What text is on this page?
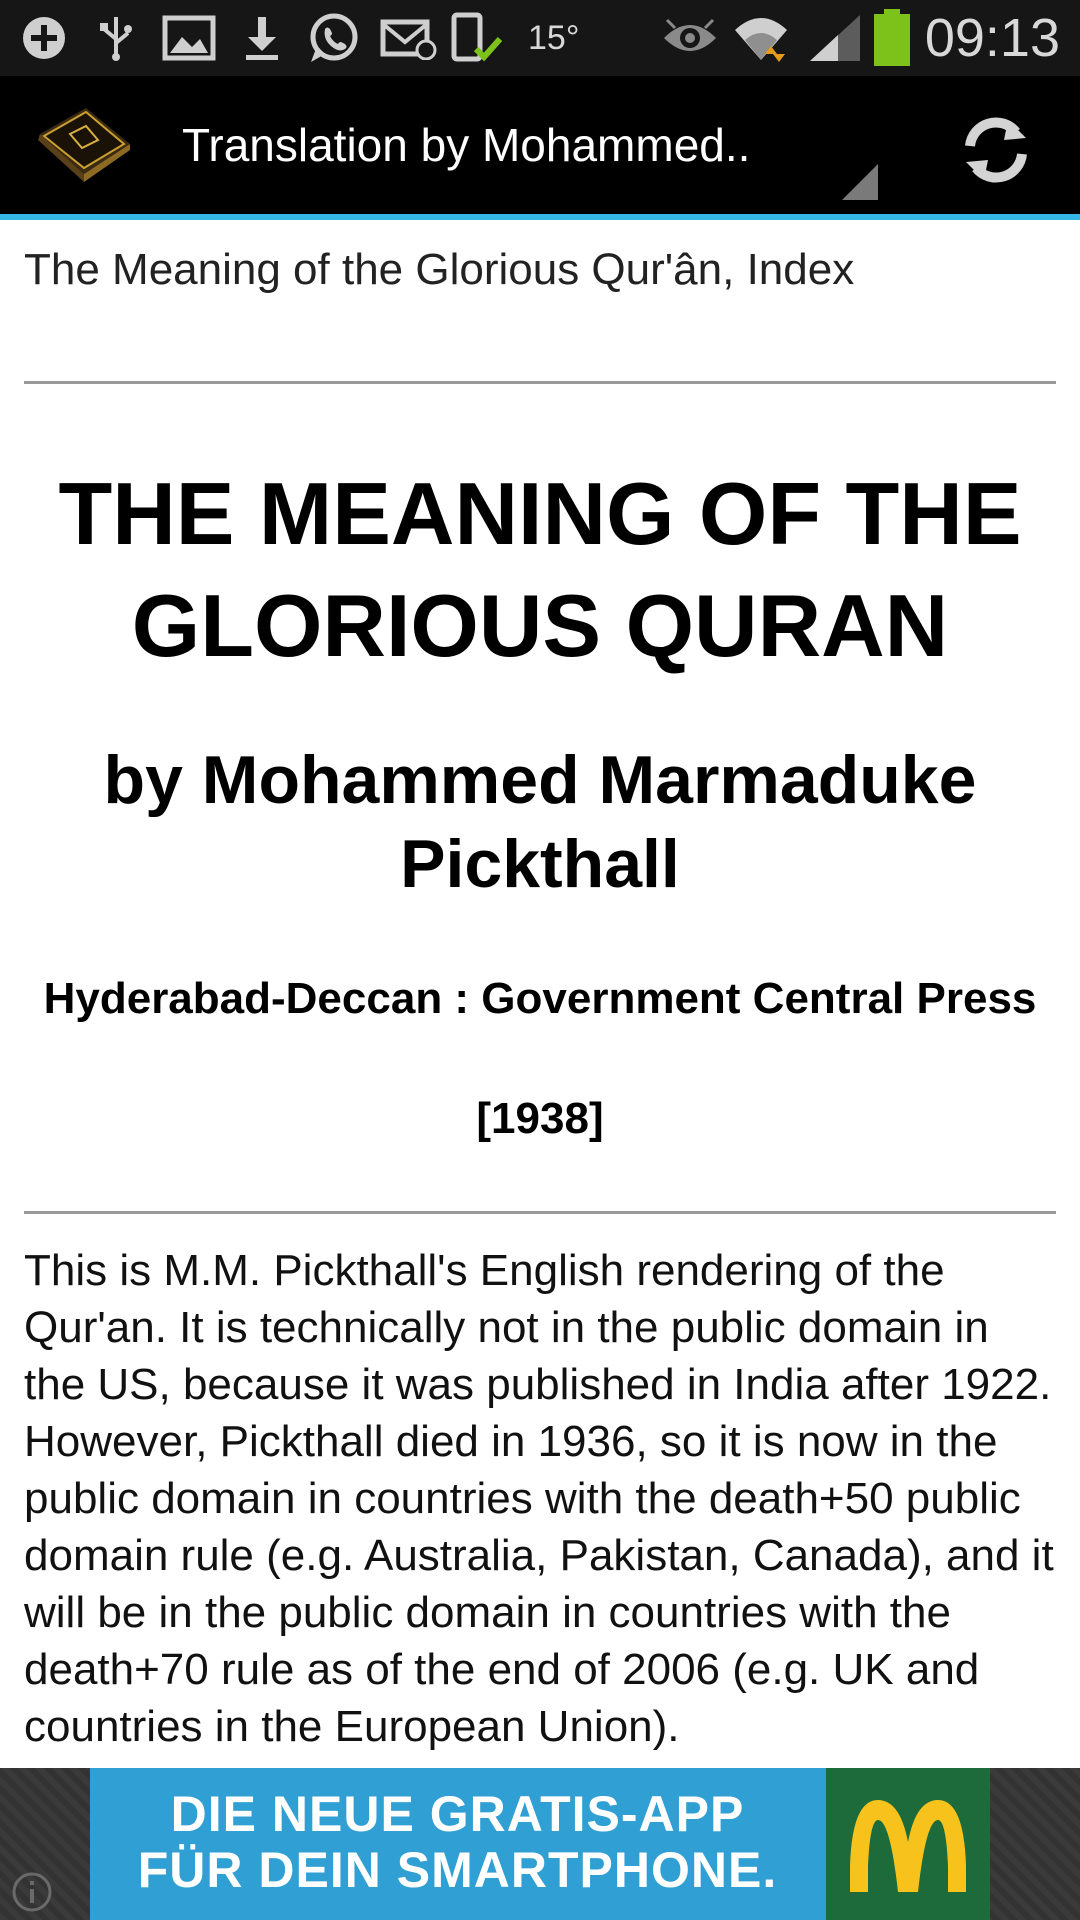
15°	09:13
Translation by Mohammed..
The Meaning of the Glorious Qur'ân, Index
THE MEANING OF THE GLORIOUS QURAN
by Mohammed Marmaduke Pickthall
Hyderabad-Deccan : Government Central Press
[1938]
This is M.M. Pickthall's English rendering of the Qur'an. It is technically not in the public domain in the US, because it was published in India after 1922. However, Pickthall died in 1936, so it is now in the public domain in countries with the death+50 public domain rule (e.g. Australia, Pakistan, Canada), and it will be in the public domain in countries with the death+70 rule as of the end of 2006 (e.g. UK and countries in the European Union).
DIE NEUE GRATIS-APP
FÜR DEIN SMARTPHONE.
